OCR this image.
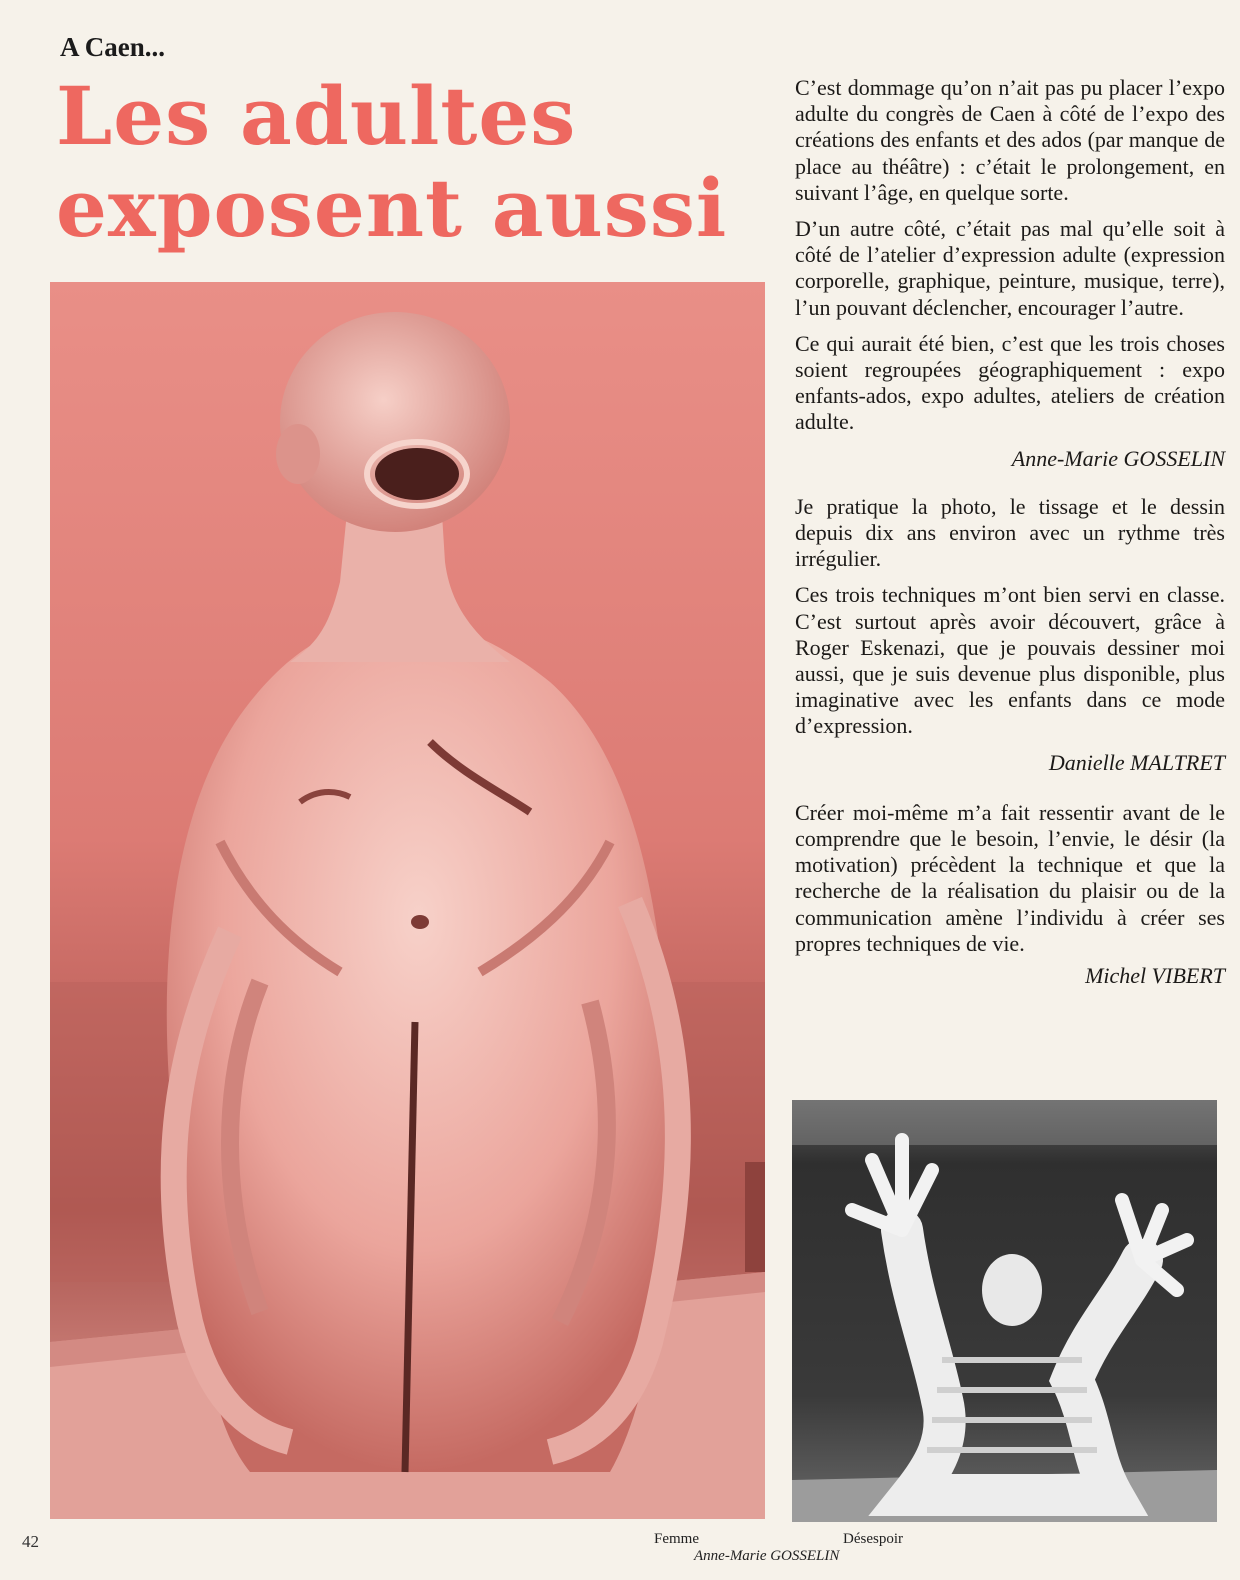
A Caen...
Les adultes
exposent aussi

C’est dommage qu’on n’ait pas pu placer l’expo adulte du congrès de Caen à côté de l’expo des créations des enfants et des ados (par manque de place au théâtre) : c’était le prolongement, en suivant l’âge, en quelque sorte.

D’un autre côté, c’était pas mal qu’elle soit à côté de l’atelier d’expression adulte (expression corporelle, graphique, peinture, musique, terre), l’un pouvant déclencher, encourager l’autre.

Ce qui aurait été bien, c’est que les trois choses soient regroupées géographiquement : expo enfants-ados, expo adultes, ateliers de création adulte.

Anne-Marie GOSSELIN

Je pratique la photo, le tissage et le dessin depuis dix ans environ avec un rythme très irrégulier.

Ces trois techniques m’ont bien servi en classe. C’est surtout après avoir découvert, grâce à Roger Eskenazi, que je pouvais dessiner moi aussi, que je suis devenue plus disponible, plus imaginative avec les enfants dans ce mode d’expression.

Danielle MALTRET

Créer moi-même m’a fait ressentir avant de le comprendre que le besoin, l’envie, le désir (la motivation) précèdent la technique et que la recherche de la réalisation du plaisir ou de la communication amène l’individu à créer ses propres techniques de vie.

Michel VIBERT

42	Femme	Désespoir
Anne-Marie GOSSELIN
